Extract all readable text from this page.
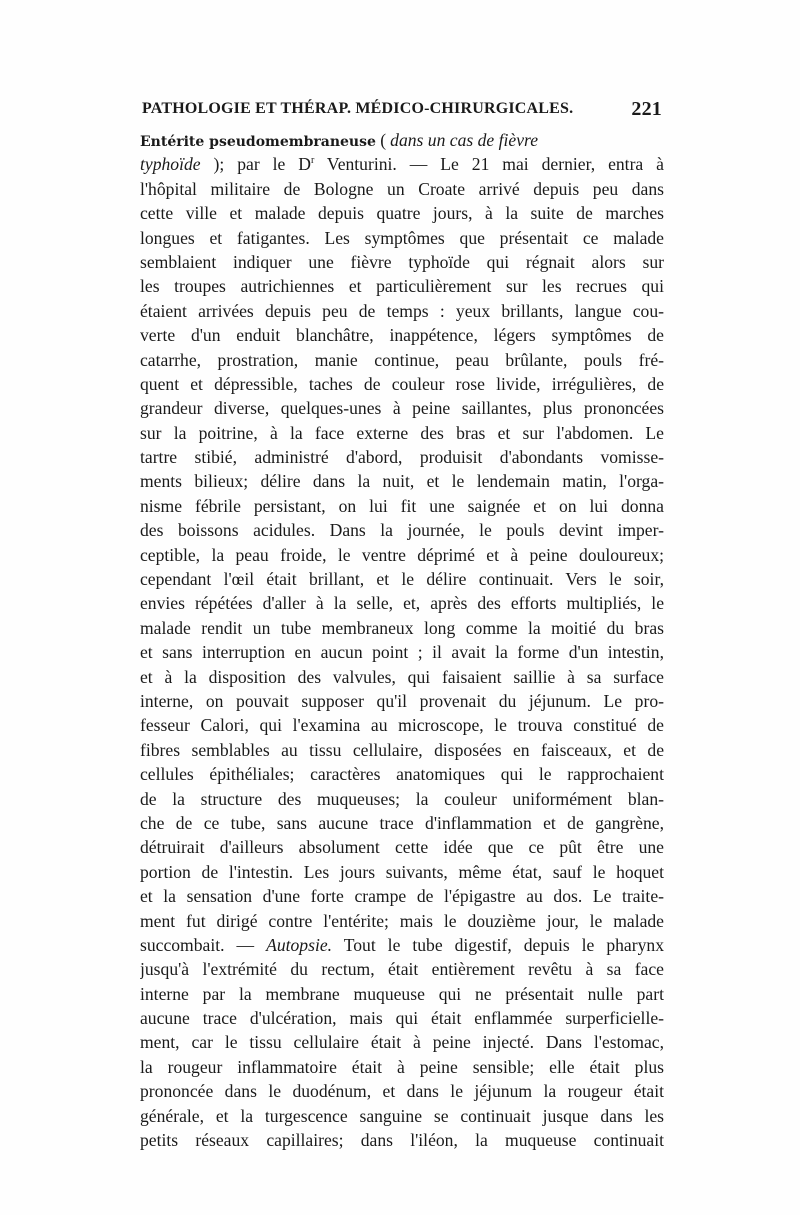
PATHOLOGIE ET THÉRAP. MÉDICO-CHIRURGICALES.	221
Entérite pseudomembraneuse ( dans un cas de fièvre
typhoïde ); par le $D^r$ Venturini. — Le 21 mai dernier, entra à
l'hôpital militaire de Bologne un Croate arrivé depuis peu dans
cette ville et malade depuis quatre jours, à la suite de marches
longues et fatigantes. Les symptômes que présentait ce malade
semblaient indiquer une fièvre typhoïde qui régnait alors sur
les troupes autrichiennes et particulièrement sur les recrues qui
étaient arrivées depuis peu de temps : yeux brillants, langue cou-
verte d'un enduit blanchâtre, inappétence, légers symptômes de
catarrhe, prostration, manie continue, peau brûlante, pouls fré-
quent et dépressible, taches de couleur rose livide, irrégulières, de
grandeur diverse, quelques-unes à peine saillantes, plus prononcées
sur la poitrine, à la face externe des bras et sur l'abdomen. Le
tartre stibié, administré d'abord, produisit d'abondants vomisse-
ments bilieux; délire dans la nuit, et le lendemain matin, l'orga-
nisme fébrile persistant, on lui fit une saignée et on lui donna
des boissons acidules. Dans la journée, le pouls devint imper-
ceptible, la peau froide, le ventre déprimé et à peine douloureux;
cependant l'œil était brillant, et le délire continuait. Vers le soir,
envies répétées d'aller à la selle, et, après des efforts multipliés, le
malade rendit un tube membraneux long comme la moitié du bras
et sans interruption en aucun point ; il avait la forme d'un intestin,
et à la disposition des valvules, qui faisaient saillie à sa surface
interne, on pouvait supposer qu'il provenait du jéjunum. Le pro-
fesseur Calori, qui l'examina au microscope, le trouva constitué de
fibres semblables au tissu cellulaire, disposées en faisceaux, et de
cellules épithéliales; caractères anatomiques qui le rapprochaient
de la structure des muqueuses; la couleur uniformément blan-
che de ce tube, sans aucune trace d'inflammation et de gangrène,
détruirait d'ailleurs absolument cette idée que ce pût être une
portion de l'intestin. Les jours suivants, même état, sauf le hoquet
et la sensation d'une forte crampe de l'épigastre au dos. Le traite-
ment fut dirigé contre l'entérite; mais le douzième jour, le malade
succombait. — Autopsie. Tout le tube digestif, depuis le pharynx
jusqu'à l'extrémité du rectum, était entièrement revêtu à sa face
interne par la membrane muqueuse qui ne présentait nulle part
aucune trace d'ulcération, mais qui était enflammée surperficielle-
ment, car le tissu cellulaire était à peine injecté. Dans l'estomac,
la rougeur inflammatoire était à peine sensible; elle était plus
prononcée dans le duodénum, et dans le jéjunum la rougeur était
générale, et la turgescence sanguine se continuait jusque dans les
petits réseaux capillaires; dans l'iléon, la muqueuse continuait
